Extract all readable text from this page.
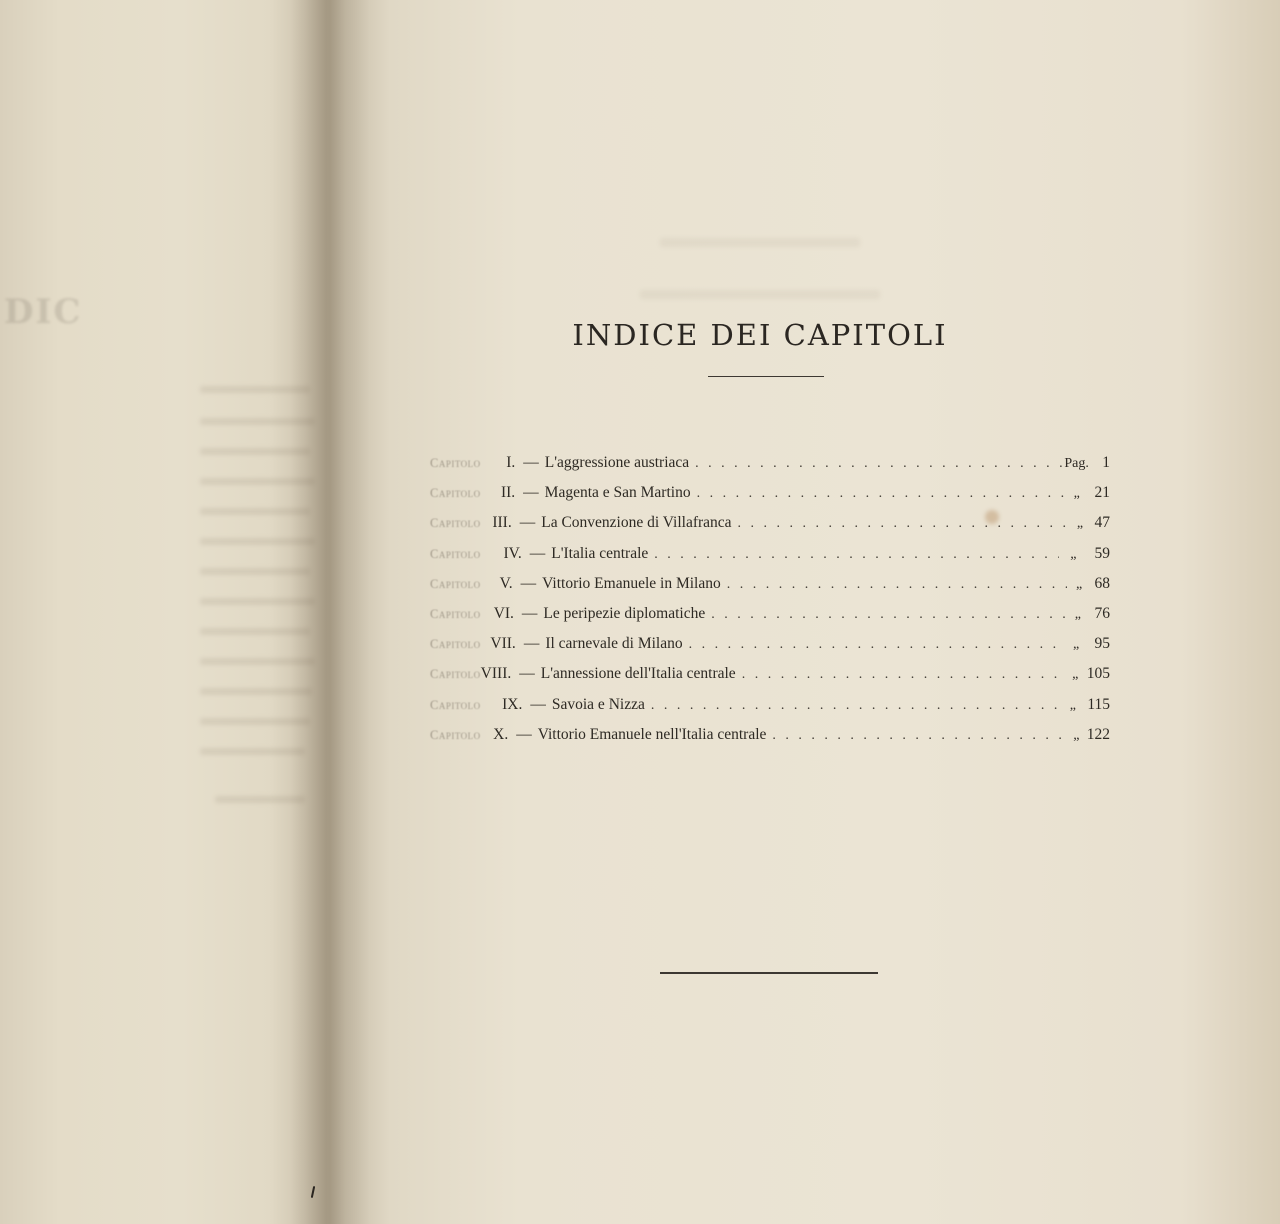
DIC
INDICE DEI CAPITOLI
Capitolo	I. — L'aggressione austriaca . . .	Pag. 1
Capitolo	II. — Magenta e San Martino . . .	„ 21
Capitolo III. — La Convenzione di Villafranca . . .	„ 47
Capitolo	IV. — L'Italia centrale . . .	„	59
Capitolo	V. — Vittorio Emanuele in Milano . . .	„ 68
Capitolo VI. — Le peripezie diplomatiche . . .	„ 76
Capitolo VII. — Il carnevale di Milano . . .	„ 95
Capitolo VIII. — L'annessione dell'Italia centrale . . .	„ 105
Capitolo	IX. — Savoia e Nizza . . .	„ 115
Capitolo X. — Vittorio Emanuele nell'Italia centrale . . .	„ 122
